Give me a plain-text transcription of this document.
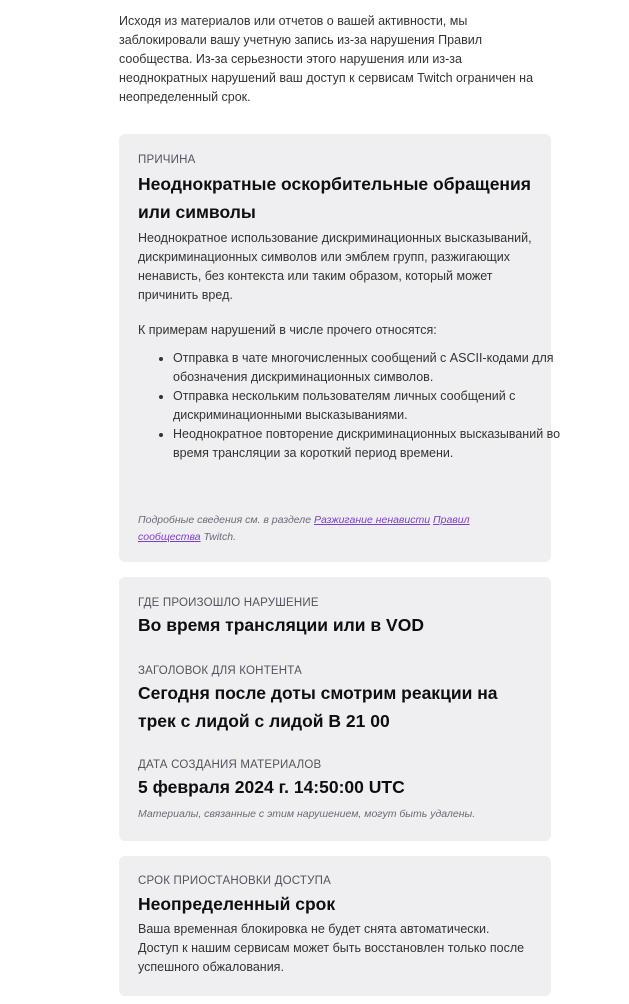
Исходя из материалов или отчетов о вашей активности, мы заблокировали вашу учетную запись из-за нарушения Правил сообщества. Из-за серьезности этого нарушения или из-за неоднократных нарушений ваш доступ к сервисам Twitch ограничен на неопределенный срок.

ПРИЧИНА
Неоднократные оскорбительные обращения или символы

Неоднократное использование дискриминационных высказываний, дискриминационных символов или эмблем групп, разжигающих ненависть, без контекста или таким образом, который может причинить вред.

К примерам нарушений в числе прочего относятся:

• Отправка в чате многочисленных сообщений с ASCII-кодами для обозначения дискриминационных символов.
• Отправка нескольким пользователям личных сообщений с дискриминационными высказываниями.
• Неоднократное повторение дискриминационных высказываний во время трансляции за короткий период времени.
Подробные сведения см. в разделе Разжигание ненависти Правил сообщества Twitch.
ГДЕ ПРОИЗОШЛО НАРУШЕНИЕ
Во время трансляции или в VOD
ЗАГОЛОВОК ДЛЯ КОНТЕНТА
Сегодня после доты смотрим реакции на трек с лидой с лидой В 21 00
ДАТА СОЗДАНИЯ МАТЕРИАЛОВ
5 февраля 2024 г. 14:50:00 UTC
Материалы, связанные с этим нарушением, могут быть удалены.
СРОК ПРИОСТАНОВКИ ДОСТУПА
Неопределенный срок

Ваша временная блокировка не будет снята автоматически. Доступ к нашим сервисам может быть восстановлен только после успешного обжалования.
